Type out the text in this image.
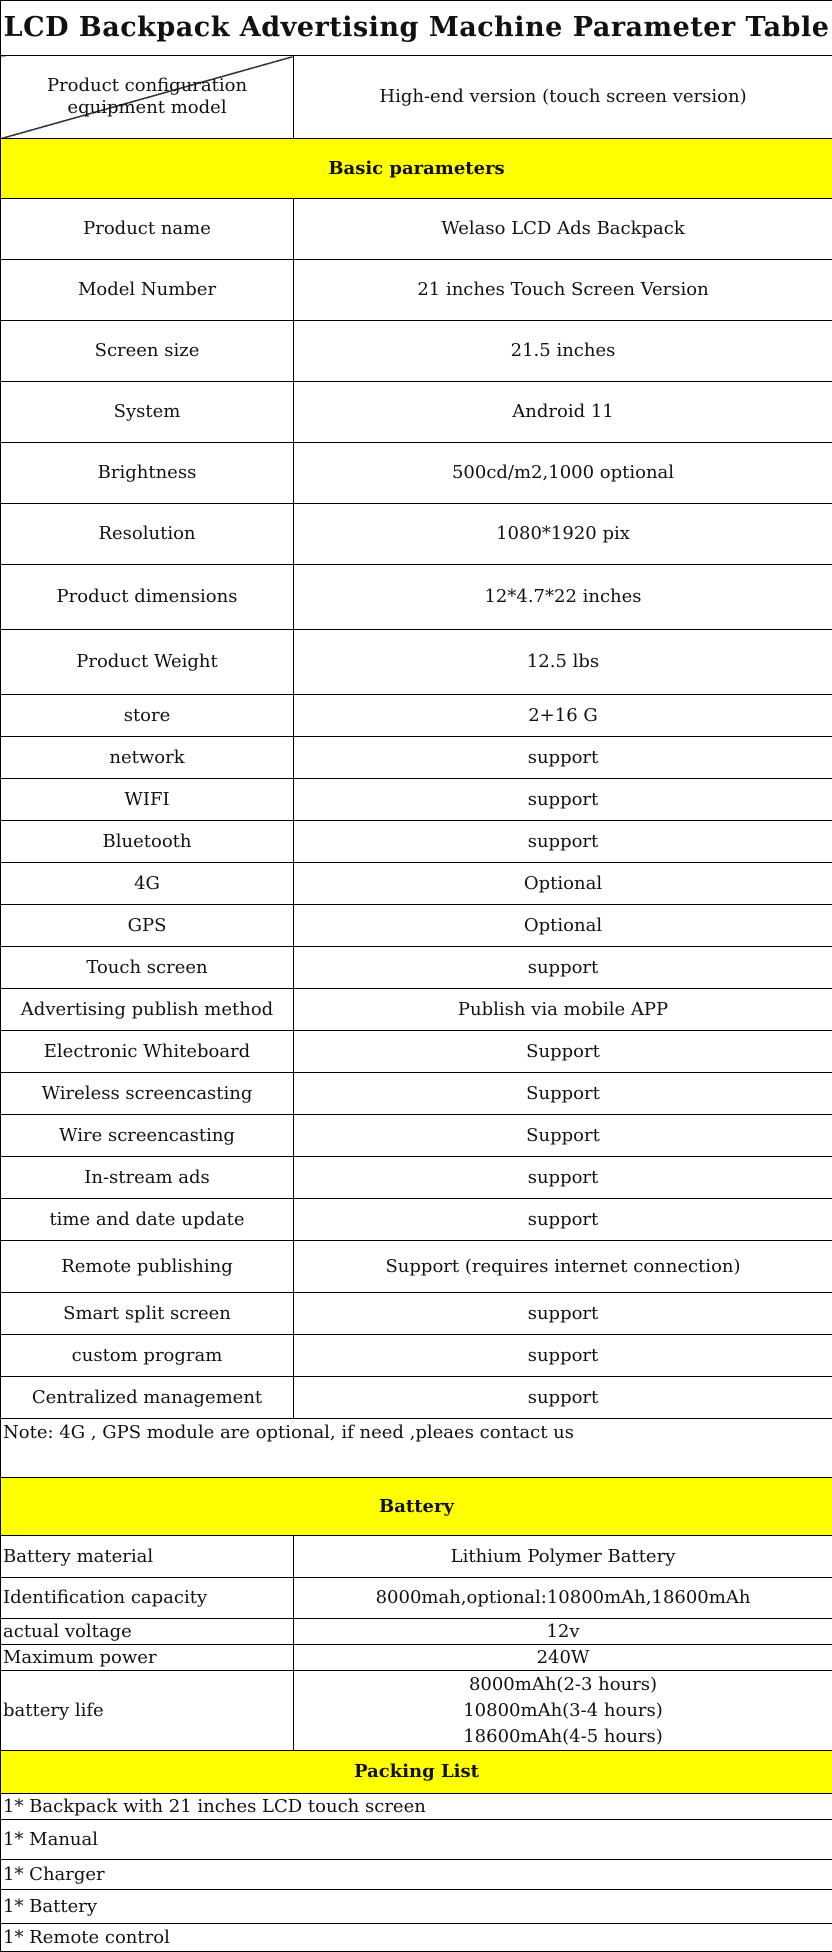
LCD Backpack Advertising Machine Parameter Table	
Product configuration equipment model	High-end version (touch screen version)
Basic parameters	
Product name	Welaso LCD Ads Backpack
Model Number	21 inches Touch Screen Version
Screen size	21.5 inches
System	Android 11
Brightness	500cd/m2,1000 optional
Resolution	1080*1920 pix
Product dimensions	12*4.7*22 inches
Product Weight	12.5 lbs
store	2+16 G
network	support
WIFI	support
Bluetooth	support
4G	Optional
GPS	Optional
Touch screen	support
Advertising publish method	Publish via mobile APP
Electronic Whiteboard	Support
Wireless screencasting	Support
Wire screencasting	Support
In-stream ads	support
time and date update	support
Remote publishing	Support (requires internet connection)
Smart split screen	support
custom program	support
Centralized management	support
Note: 4G , GPS module are optional, if need ,pleaes contact us	
Battery	
Battery material	Lithium Polymer Battery
Identification capacity	8000mah,optional:10800mAh,18600mAh
actual voltage	12v
Maximum power	240W
battery life	8000mAh(2-3 hours)
10800mAh(3-4 hours)
18600mAh(4-5 hours)

Packing List	
1* Backpack with 21 inches LCD touch screen	
1* Manual	
1* Charger	
1* Battery	
1* Remote control	
